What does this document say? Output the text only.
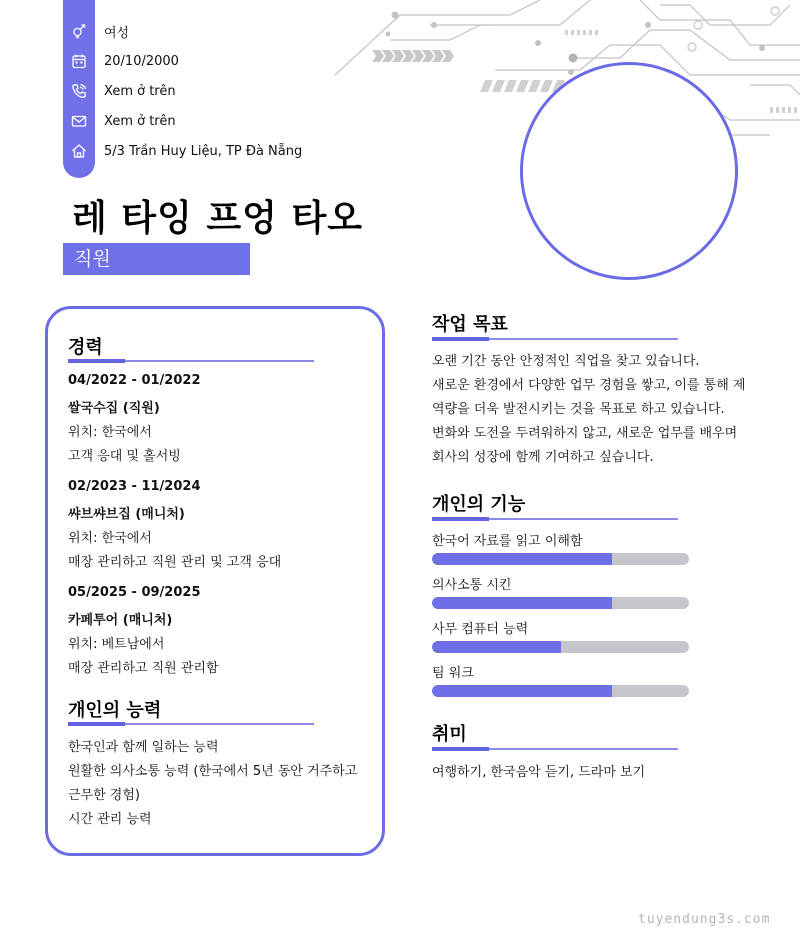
여성
20/10/2000
Xem ở trên
Xem ở trên
5/3 Trần Huy Liệu, TP Đà Nẵng
레 타잉 프엉 타오
직원
경력
04/2022 - 01/2022
쌀국수집 (직원)
위치: 한국에서
고객 응대 및 홀서빙
02/2023 - 11/2024
쌰브쌰브집 (매니처)
위치: 한국에서
매장 관리하고 직원 관리 및 고객 응대
05/2025 - 09/2025
카페투어 (매니처)
위치: 베트남에서
매장 관리하고 직원 관리함
개인의 능력
한국인과 함께 일하는 능력
원활한 의사소통 능력 (한국에서 5년 동안 거주하고
근무한 경험)
시간 관리 능력
작업 목표
오랜 기간 동안 안정적인 직업을 찾고 있습니다.
새로운 환경에서 다양한 업무 경험을 쌓고, 이를 통해 제
역량을 더욱 발전시키는 것을 목표로 하고 있습니다.
변화와 도전을 두려워하지 않고, 새로운 업무를 배우며
회사의 성장에 함께 기여하고 싶습니다.
개인의 기능
한국어 자료를 읽고 이해함
의사소통 시킨
사무 컴퓨터 능력
팀 워크
취미
여행하기, 한국음악 듣기, 드라마 보기
tuyendung3s.com
